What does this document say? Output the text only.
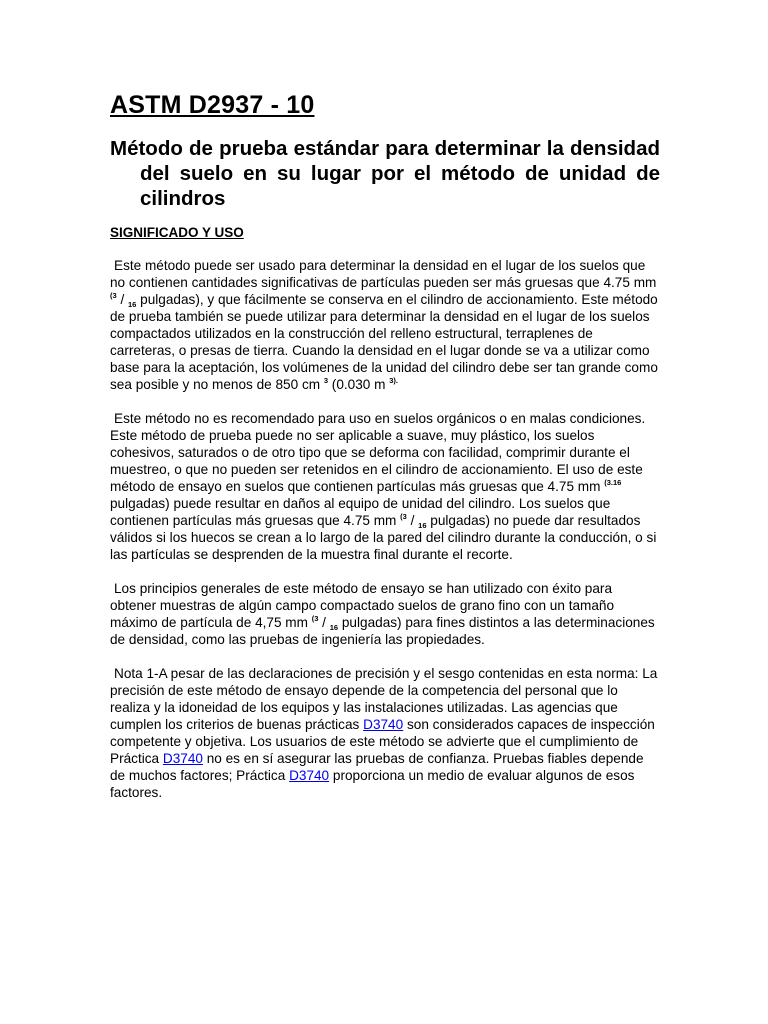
ASTM D2937 - 10
Método de prueba estándar para determinar la densidad del suelo en su lugar por el método de unidad de cilindros
SIGNIFICADO Y USO

Este método puede ser usado para determinar la densidad en el lugar de los suelos que no contienen cantidades significativas de partículas pueden ser más gruesas que 4.75 mm $^{(3}$ / $_{16}$ pulgadas), y que fácilmente se conserva en el cilindro de accionamiento. Este método de prueba también se puede utilizar para determinar la densidad en el lugar de los suelos compactados utilizados en la construcción del relleno estructural, terraplenes de carreteras, o presas de tierra. Cuando la densidad en el lugar donde se va a utilizar como base para la aceptación, los volúmenes de la unidad del cilindro debe ser tan grande como sea posible y no menos de 850 cm $^3$ (0.030 m $^{3).}$

Este método no es recomendado para uso en suelos orgánicos o en malas condiciones. Este método de prueba puede no ser aplicable a suave, muy plástico, los suelos cohesivos, saturados o de otro tipo que se deforma con facilidad, comprimir durante el muestreo, o que no pueden ser retenidos en el cilindro de accionamiento. El uso de este método de ensayo en suelos que contienen partículas más gruesas que 4.75 mm $^{(3.16}$ pulgadas) puede resultar en daños al equipo de unidad del cilindro. Los suelos que contienen partículas más gruesas que 4.75 mm $^{(3}$ / $_{16}$ pulgadas) no puede dar resultados válidos si los huecos se crean a lo largo de la pared del cilindro durante la conducción, o si las partículas se desprenden de la muestra final durante el recorte.

Los principios generales de este método de ensayo se han utilizado con éxito para obtener muestras de algún campo compactado suelos de grano fino con un tamaño máximo de partícula de 4,75 mm $^{(3}$ / $_{16}$ pulgadas) para fines distintos a las determinaciones de densidad, como las pruebas de ingeniería las propiedades.

Nota 1-A pesar de las declaraciones de precisión y el sesgo contenidas en esta norma: La precisión de este método de ensayo depende de la competencia del personal que lo realiza y la idoneidad de los equipos y las instalaciones utilizadas. Las agencias que cumplen los criterios de buenas prácticas D3740 son considerados capaces de inspección competente y objetiva. Los usuarios de este método se advierte que el cumplimiento de Práctica D3740 no es en sí asegurar las pruebas de confianza. Pruebas fiables depende de muchos factores; Práctica D3740 proporciona un medio de evaluar algunos de esos factores.
